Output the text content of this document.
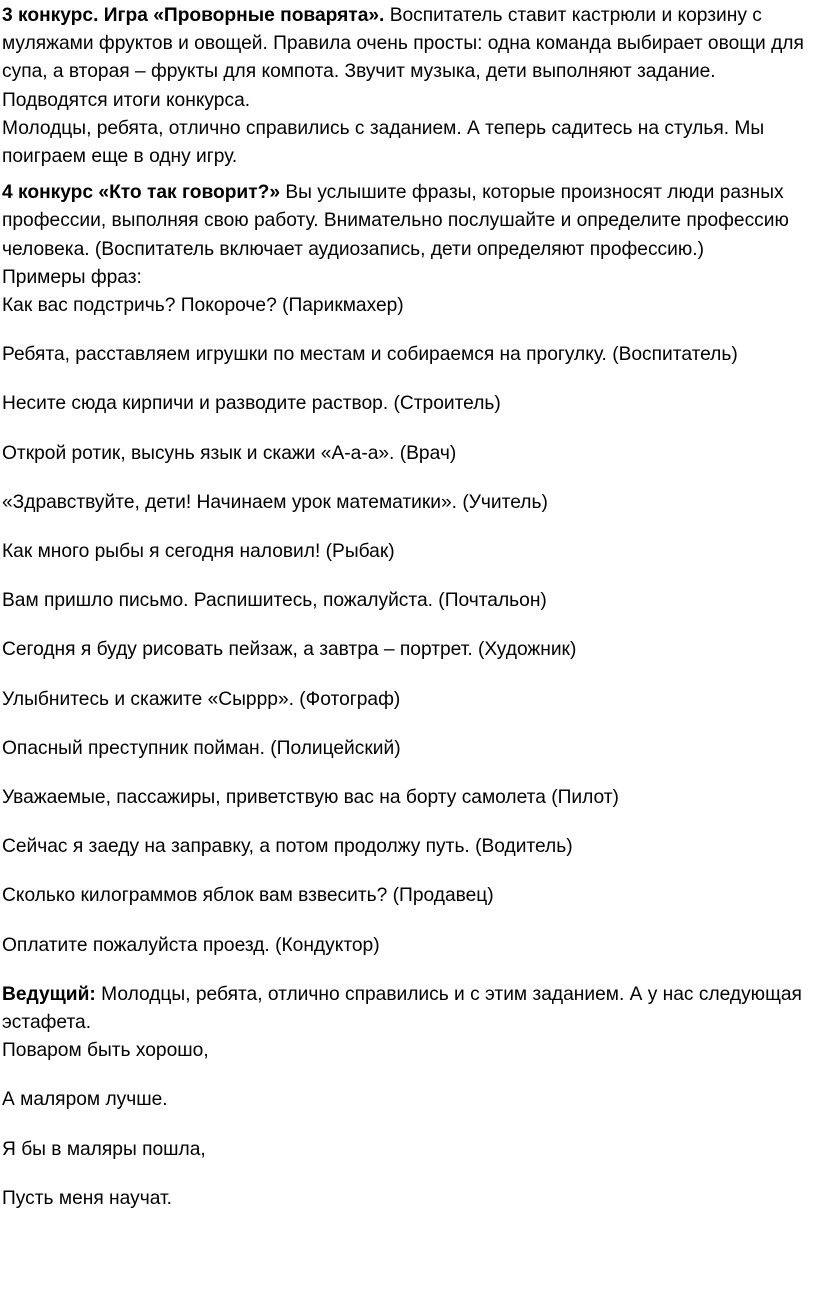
3 конкурс. Игра «Проворные поварята». Воспитатель ставит кастрюли и корзину с муляжами фруктов и овощей. Правила очень просты: одна команда выбирает овощи для супа, а вторая – фрукты для компота. Звучит музыка, дети выполняют задание. Подводятся итоги конкурса.

Молодцы, ребята, отлично справились с заданием. А теперь садитесь на стулья. Мы поиграем еще в одну игру.

4 конкурс «Кто так говорит?» Вы услышите фразы, которые произносят люди разных профессии, выполняя свою работу. Внимательно послушайте и определите профессию человека. (Воспитатель включает аудиозапись, дети определяют профессию.)

Примеры фраз:

Как вас подстричь? Покороче? (Парикмахер)

Ребята, расставляем игрушки по местам и собираемся на прогулку. (Воспитатель)

Несите сюда кирпичи и разводите раствор. (Строитель)

Открой ротик, высунь язык и скажи «А-а-а». (Врач)

«Здравствуйте, дети! Начинаем урок математики». (Учитель)

Как много рыбы я сегодня наловил! (Рыбак)

Вам пришло письмо. Распишитесь, пожалуйста. (Почтальон)

Сегодня я буду рисовать пейзаж, а завтра – портрет. (Художник)

Улыбнитесь и скажите «Сыррр». (Фотограф)

Опасный преступник пойман. (Полицейский)

Уважаемые, пассажиры, приветствую вас на борту самолета (Пилот)

Сейчас я заеду на заправку, а потом продолжу путь. (Водитель)

Сколько килограммов яблок вам взвесить? (Продавец)

Оплатите пожалуйста проезд. (Кондуктор)

Ведущий: Молодцы, ребята, отлично справились и с этим заданием. А у нас следующая эстафета.

Поваром быть хорошо,

А маляром лучше.

Я бы в маляры пошла,

Пусть меня научат.
